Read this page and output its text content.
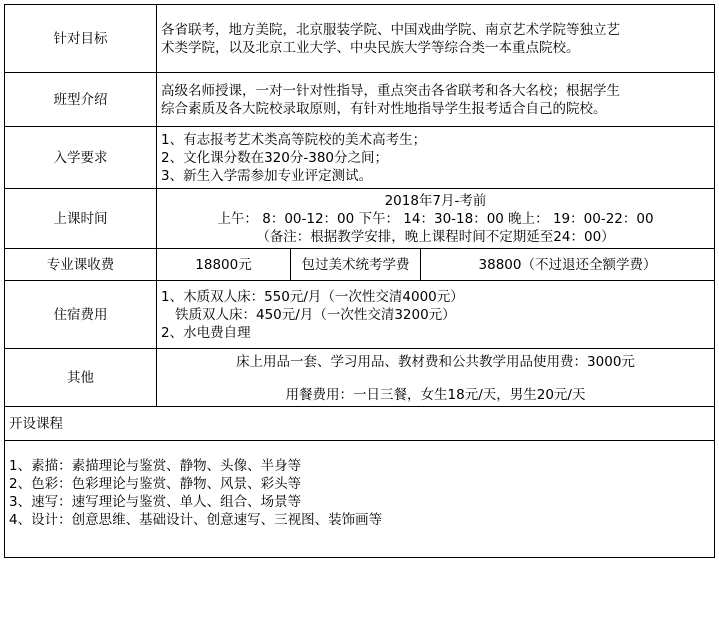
针对目标	各省联考，地方美院，北京服装学院、中国戏曲学院、南京艺术学院等独立艺
术类学院，以及北京工业大学、中央民族大学等综合类一本重点院校。		

班型介绍	高级名师授课，一对一针对性指导，重点突击各省联考和各大名校；根据学生
综合素质及各大院校录取原则，有针对性地指导学生报考适合自己的院校。		

入学要求	1、有志报考艺术类高等院校的美术高考生；
2、文化课分数在320分-380分之间；
3、新生入学需参加专业评定测试。		

上课时间	2018年7月-考前
上午： 8：00-12：00 下午： 14：30-18：00 晚上： 19：00-22：00
（备注：根据教学安排，晚上课程时间不定期延至24：00）		

专业课收费	18800元	包过美术统考学费	38800（不过退还全额学费）
住宿费用	1、木质双人床：550元/月（一次性交清4000元）
铁质双人床：450元/月（一次性交清3200元）
2、水电费自理		

其他	床上用品一套、学习用品、教材费和公共教学用品使用费：3000元
用餐费用：一日三餐，女生18元/天，男生20元/天		

开设课程			

1、素描：素描理论与鉴赏、静物、头像、半身等
2、色彩：色彩理论与鉴赏、静物、风景、彩头等
3、速写：速写理论与鉴赏、单人、组合、场景等
4、设计：创意思维、基础设计、创意速写、三视图、装饰画等			
